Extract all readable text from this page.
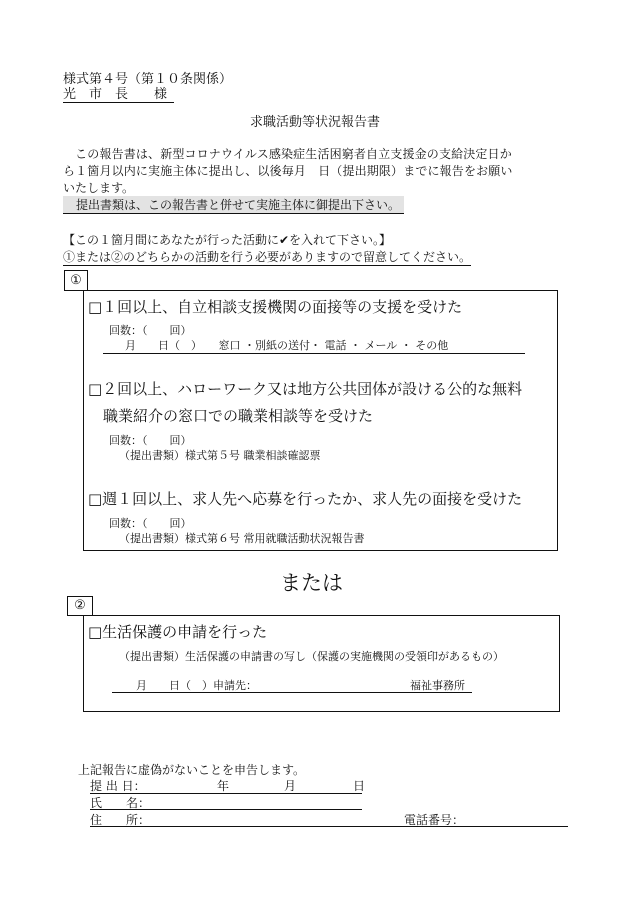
様式第４号（第１０条関係）
光　市　長　　様
求職活動等状況報告書
　この報告書は、新型コロナウイルス感染症生活困窮者自立支援金の支給決定日か
ら１箇月以内に実施主体に提出し、以後毎月　日（提出期限）までに報告をお願い
いたします。
提出書類は、この報告書と併せて実施主体に御提出下さい。
【この１箇月間にあなたが行った活動に✔を入れて下さい。】
①または②のどちらかの活動を行う必要がありますので留意してください。
①
□１回以上、自立相談支援機関の面接等の支援を受けた
回数：（　　回）
　　月　　日（　）　　窓口 ・別紙の送付・ 電話 ・ メール ・ その他
□２回以上、ハローワーク又は地方公共団体が設ける公的な無料
職業紹介の窓口での職業相談等を受けた
回数：（　　回）
（提出書類）様式第５号 職業相談確認票
□週１回以上、求人先へ応募を行ったか、求人先の面接を受けた
回数：（　　回）
（提出書類）様式第６号 常用就職活動状況報告書
または
②
□生活保護の申請を行った
（提出書類）生活保護の申請書の写し（保護の実施機関の受領印があるもの）
月　　日（　）申請先：	福祉事務所
上記報告に虚偽がないことを申告します。
提 出 日：	年	月	日
氏　　名：
住　　所：	電話番号：
